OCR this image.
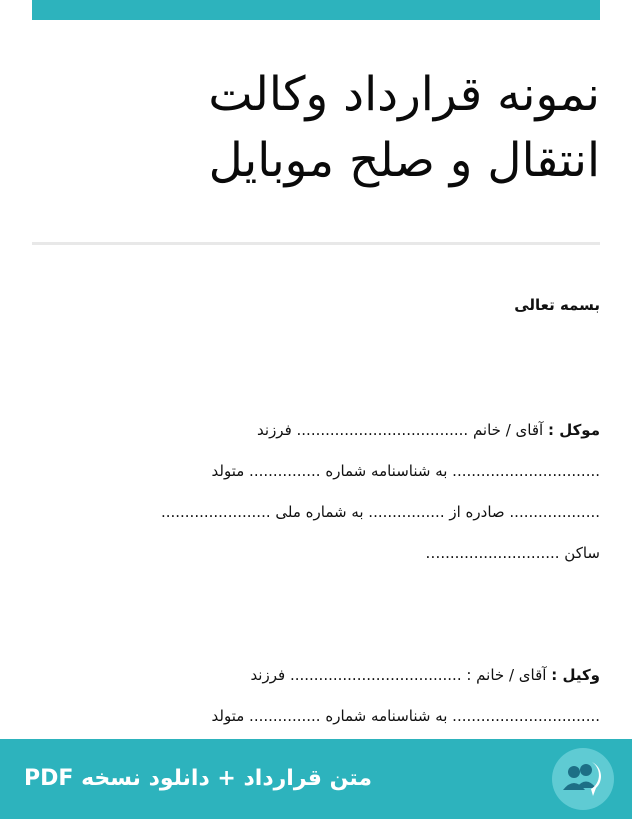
نمونه قرارداد وکالت
انتقال و صلح موبایل
بسمه تعالی
موکل : آقای / خانم .................................... فرزند
............................... به شناسنامه شماره ............... متولد
................... صادره از ................ به شماره ملی .......................
ساکن .........................…
وکیل : آقای / خانم : .................................... فرزند
............................... به شناسنامه شماره ............... متولد
متن قرارداد + دانلود نسخه PDF
